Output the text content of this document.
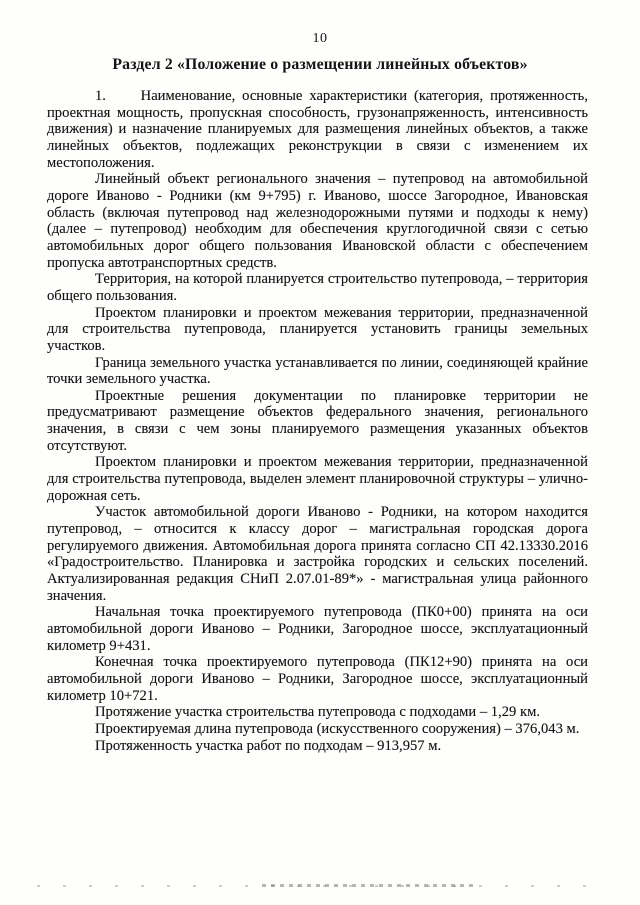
10
Раздел 2 «Положение о размещении линейных объектов»

1.     Наименование, основные характеристики (категория, протяженность, проектная мощность, пропускная способность, грузонапряженность, интенсивность движения) и назначение планируемых для размещения линейных объектов, а также линейных объектов, подлежащих реконструкции в связи с изменением их местоположения.

Линейный объект регионального значения – путепровод на автомобильной дороге Иваново - Родники (км 9+795) г. Иваново, шоссе Загородное, Ивановская область (включая путепровод над железнодорожными путями и подходы к нему) (далее – путепровод) необходим для обеспечения круглогодичной связи с сетью автомобильных дорог общего пользования Ивановской области с обеспечением пропуска автотранспортных средств.

Территория, на которой планируется строительство путепровода, – территория общего пользования.

Проектом планировки и проектом межевания территории, предназначенной для строительства путепровода, планируется установить границы земельных участков.

Граница земельного участка устанавливается по линии, соединяющей крайние точки земельного участка.

Проектные решения документации по планировке территории не предусматривают размещение объектов федерального значения, регионального значения, в связи с чем зоны планируемого размещения указанных объектов отсутствуют.

Проектом планировки и проектом межевания территории, предназначенной для строительства путепровода, выделен элемент планировочной структуры – улично-дорожная сеть.

Участок автомобильной дороги Иваново - Родники, на котором находится путепровод, – относится к классу дорог – магистральная городская дорога регулируемого движения. Автомобильная дорога принята согласно СП 42.13330.2016 «Градостроительство. Планировка и застройка городских и сельских поселений. Актуализированная редакция СНиП 2.07.01-89*» - магистральная улица районного значения.

Начальная точка проектируемого путепровода (ПК0+00) принята на оси автомобильной дороги Иваново – Родники, Загородное шоссе, эксплуатационный километр 9+431.

Конечная точка проектируемого путепровода (ПК12+90) принята на оси автомобильной дороги Иваново – Родники, Загородное шоссе, эксплуатационный километр 10+721.

Протяжение участка строительства путепровода с подходами – 1,29 км.

Проектируемая длина путепровода (искусственного сооружения) – 376,043 м.

Протяженность участка работ по подходам – 913,957 м.
